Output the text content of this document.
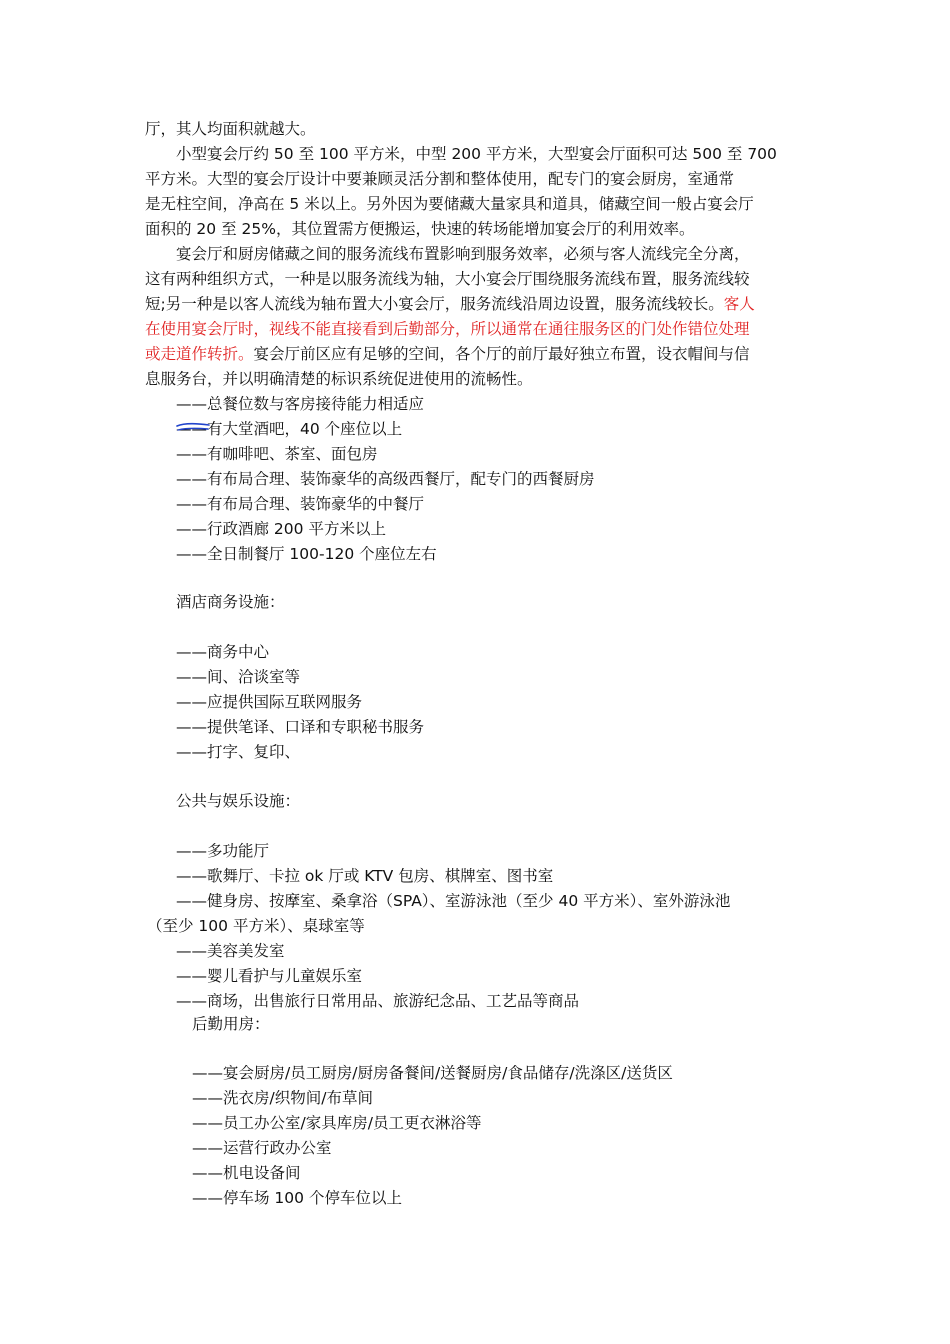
厅，其人均面积就越大。
小型宴会厅约 50 至 100 平方米，中型 200 平方米，大型宴会厅面积可达 500 至 700
平方米。大型的宴会厅设计中要兼顾灵活分割和整体使用，配专门的宴会厨房，室通常
是无柱空间，净高在 5 米以上。另外因为要储藏大量家具和道具，储藏空间一般占宴会厅
面积的 20 至 25%，其位置需方便搬运，快速的转场能增加宴会厅的利用效率。
宴会厅和厨房储藏之间的服务流线布置影响到服务效率，必须与客人流线完全分离，
这有两种组织方式，一种是以服务流线为轴，大小宴会厅围绕服务流线布置，服务流线较
短;另一种是以客人流线为轴布置大小宴会厅，服务流线沿周边设置，服务流线较长。客人
在使用宴会厅时，视线不能直接看到后勤部分，所以通常在通往服务区的门处作错位处理
或走道作转折。宴会厅前区应有足够的空间，各个厅的前厅最好独立布置，设衣帽间与信
息服务台，并以明确清楚的标识系统促进使用的流畅性。
——总餐位数与客房接待能力相适应
——有大堂酒吧，40 个座位以上
——有咖啡吧、茶室、面包房
——有布局合理、装饰豪华的高级西餐厅，配专门的西餐厨房
——有布局合理、装饰豪华的中餐厅
——行政酒廊 200 平方米以上
——全日制餐厅 100-120 个座位左右
酒店商务设施：
——商务中心
——间、洽谈室等
——应提供国际互联网服务
——提供笔译、口译和专职秘书服务
——打字、复印、
公共与娱乐设施：
——多功能厅
——歌舞厅、卡拉 ok 厅或 KTV 包房、棋牌室、图书室
——健身房、按摩室、桑拿浴（SPA）、室游泳池（至少 40 平方米）、室外游泳池
（至少 100 平方米）、桌球室等
——美容美发室
——婴儿看护与儿童娱乐室
——商场，出售旅行日常用品、旅游纪念品、工艺品等商品
后勤用房：
——宴会厨房/员工厨房/厨房备餐间/送餐厨房/食品储存/洗涤区/送货区
——洗衣房/织物间/布草间
——员工办公室/家具库房/员工更衣淋浴等
——运营行政办公室
——机电设备间
——停车场 100 个停车位以上
